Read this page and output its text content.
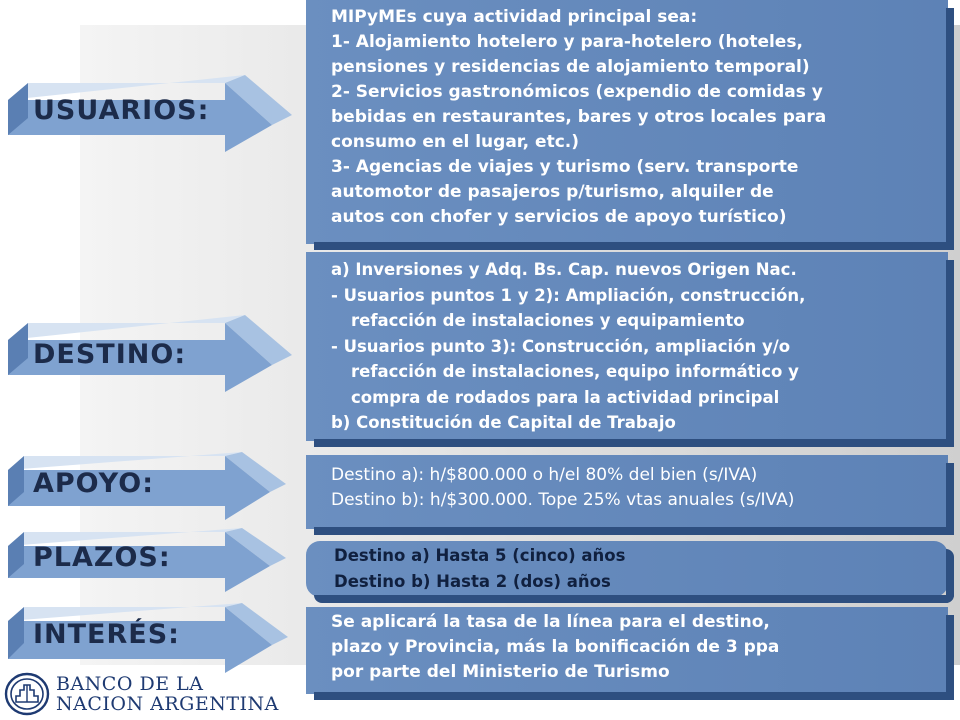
USUARIOS:
DESTINO:
APOYO:
PLAZOS:
INTERÉS:
MIPyMEs cuya actividad principal sea:
1- Alojamiento hotelero y para-hotelero (hoteles,
pensiones y residencias de alojamiento temporal)
2- Servicios gastronómicos (expendio de comidas y
bebidas en restaurantes, bares y otros locales para
consumo en el lugar, etc.)
3- Agencias de viajes y turismo (serv. transporte
automotor de pasajeros p/turismo, alquiler de
autos con chofer y servicios de apoyo turístico)
a) Inversiones y Adq. Bs. Cap. nuevos Origen Nac.
- Usuarios puntos 1 y 2): Ampliación, construcción,
refacción de instalaciones y equipamiento
- Usuarios punto 3): Construcción, ampliación y/o
refacción de instalaciones, equipo informático y
compra de rodados para la actividad principal
b) Constitución de Capital de Trabajo
Destino a): h/$800.000 o h/el 80% del bien (s/IVA)
Destino b): h/$300.000. Tope 25% vtas anuales (s/IVA)
Destino a) Hasta 5 (cinco) años
Destino b) Hasta 2 (dos) años
Se aplicará la tasa de la línea para el destino,
plazo y Provincia, más la bonificación de 3 ppa
por parte del Ministerio de Turismo
BANCO DE LA
NACION ARGENTINA
